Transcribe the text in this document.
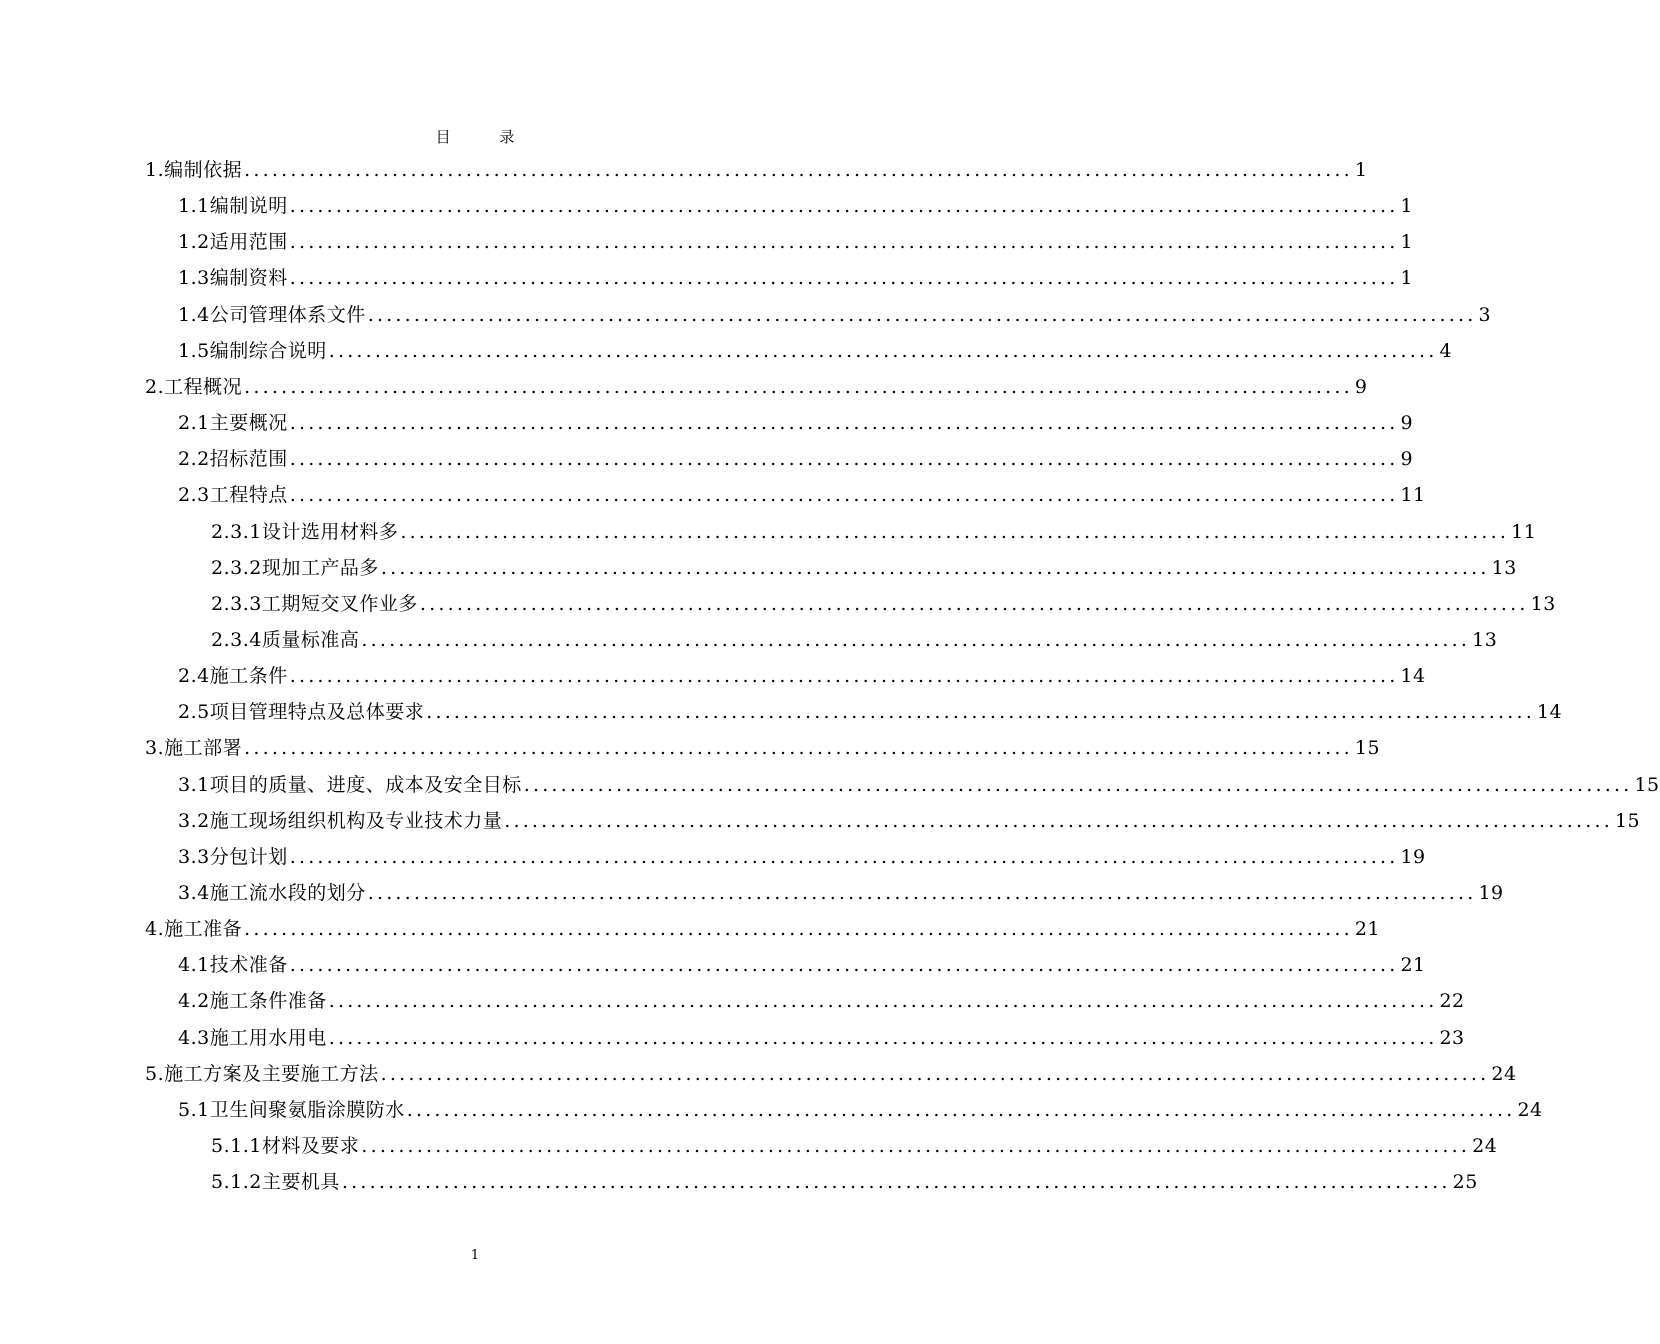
目 录
1.编制依据 ........................................................................................................................ 1
1.1编制说明 ........................................................................................................................ 1
1.2适用范围 ........................................................................................................................ 1
1.3编制资料 ........................................................................................................................ 1
1.4公司管理体系文件 ........................................................................................................................ 3
1.5编制综合说明 ........................................................................................................................ 4
2.工程概况 ........................................................................................................................ 9
2.1主要概况 ........................................................................................................................ 9
2.2招标范围 ........................................................................................................................ 9
2.3工程特点 ........................................................................................................................ 11
2.3.1设计选用材料多 ........................................................................................................................ 11
2.3.2现加工产品多 ........................................................................................................................ 13
2.3.3工期短交叉作业多 ........................................................................................................................ 13
2.3.4质量标准高 ........................................................................................................................ 13
2.4施工条件 ........................................................................................................................ 14
2.5项目管理特点及总体要求 ........................................................................................................................ 14
3.施工部署 ........................................................................................................................ 15
3.1项目的质量、进度、成本及安全目标 ........................................................................................................................ 15
3.2施工现场组织机构及专业技术力量 ........................................................................................................................ 15
3.3分包计划 ........................................................................................................................ 19
3.4施工流水段的划分 ........................................................................................................................ 19
4.施工准备 ........................................................................................................................ 21
4.1技术准备 ........................................................................................................................ 21
4.2施工条件准备 ........................................................................................................................ 22
4.3施工用水用电 ........................................................................................................................ 23
5.施工方案及主要施工方法 ........................................................................................................................ 24
5.1卫生间聚氨脂涂膜防水 ........................................................................................................................ 24
5.1.1材料及要求 ........................................................................................................................ 24
5.1.2主要机具 ........................................................................................................................ 25
1
